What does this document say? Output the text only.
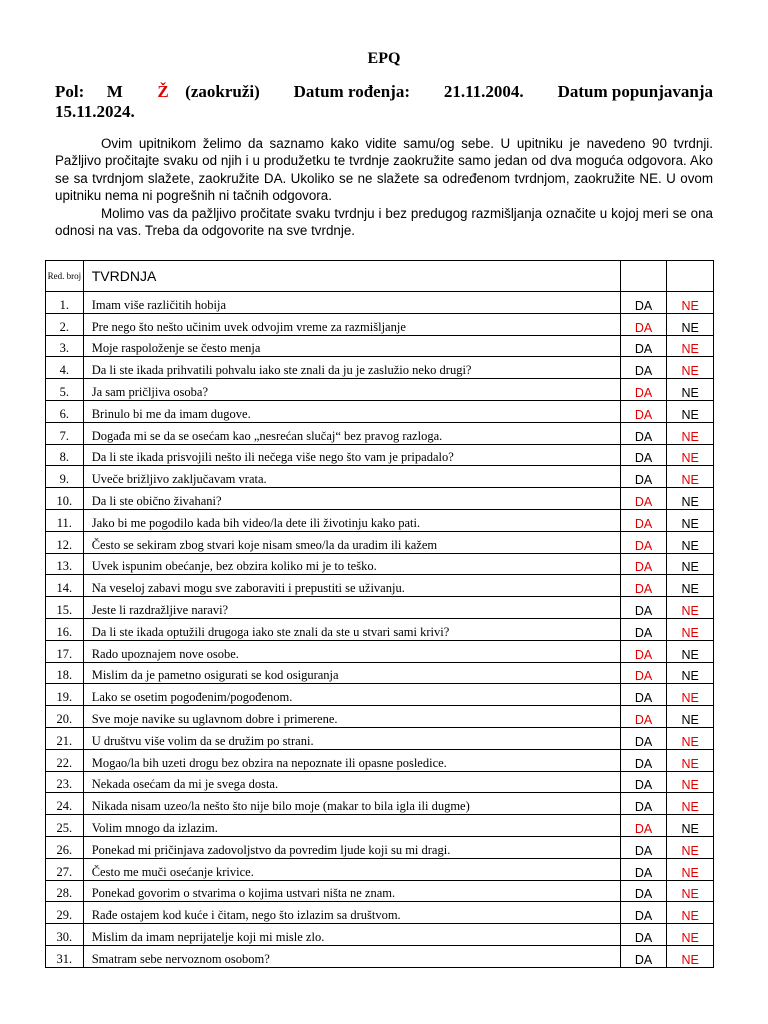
EPQ
Pol: M Ž (zaokruži) Datum rođenja: 21.11.2004. Datum popunjavanja
15.11.2024.

Ovim upitnikom želimo da saznamo kako vidite samu/og sebe. U upitniku je navedeno 90 tvrdnji. Pažljivo pročitajte svaku od njih i u produžetku te tvrdnje zaokružite samo jedan od dva moguća odgovora. Ako se sa tvrdnjom slažete, zaokružite DA. Ukoliko se ne slažete sa određenom tvrdnjom, zaokružite NE. U ovom upitniku nema ni pogrešnih ni tačnih odgovora.

Molimo vas da pažljivo pročitate svaku tvrdnju i bez predugog razmišljanja označite u kojoj meri se ona odnosi na vas. Treba da odgovorite na sve tvrdnje.

Red. broj	TVRDNJA		
1.	Imam više različitih hobija	DA	NE
2.	Pre nego što nešto učinim uvek odvojim vreme za razmišljanje	DA	NE
3.	Moje raspoloženje se često menja	DA	NE
4.	Da li ste ikada prihvatili pohvalu iako ste znali da ju je zaslužio neko drugi?	DA	NE
5.	Ja sam pričljiva osoba?	DA	NE
6.	Brinulo bi me da imam dugove.	DA	NE
7.	Događa mi se da se osećam kao „nesrećan slučaj“ bez pravog razloga.	DA	NE
8.	Da li ste ikada prisvojili nešto ili nečega više nego što vam je pripadalo?	DA	NE
9.	Uveče brižljivo zaključavam vrata.	DA	NE
10.	Da li ste obično živahani?	DA	NE
11.	Jako bi me pogodilo kada bih video/la dete ili životinju kako pati.	DA	NE
12.	Često se sekiram zbog stvari koje nisam smeo/la da uradim ili kažem	DA	NE
13.	Uvek ispunim obećanje, bez obzira koliko mi je to teško.	DA	NE
14.	Na veseloj zabavi mogu sve zaboraviti i prepustiti se uživanju.	DA	NE
15.	Jeste li razdražljive naravi?	DA	NE
16.	Da li ste ikada optužili drugoga iako ste znali da ste u stvari sami krivi?	DA	NE
17.	Rado upoznajem nove osobe.	DA	NE
18.	Mislim da je pametno osigurati se kod osiguranja	DA	NE
19.	Lako se osetim pogođenim/pogođenom.	DA	NE
20.	Sve moje navike su uglavnom dobre i primerene.	DA	NE
21.	U društvu više volim da se družim po strani.	DA	NE
22.	Mogao/la bih uzeti drogu bez obzira na nepoznate ili opasne posledice.	DA	NE
23.	Nekada osećam da mi je svega dosta.	DA	NE
24.	Nikada nisam uzeo/la nešto što nije bilo moje (makar to bila igla ili dugme)	DA	NE
25.	Volim mnogo da izlazim.	DA	NE
26.	Ponekad mi pričinjava zadovoljstvo da povredim ljude koji su mi dragi.	DA	NE
27.	Često me muči osećanje krivice.	DA	NE
28.	Ponekad govorim o stvarima o kojima ustvari ništa ne znam.	DA	NE
29.	Rađe ostajem kod kuće i čitam, nego što izlazim sa društvom.	DA	NE
30.	Mislim da imam neprijatelje koji mi misle zlo.	DA	NE
31.	Smatram sebe nervoznom osobom?	DA	NE
